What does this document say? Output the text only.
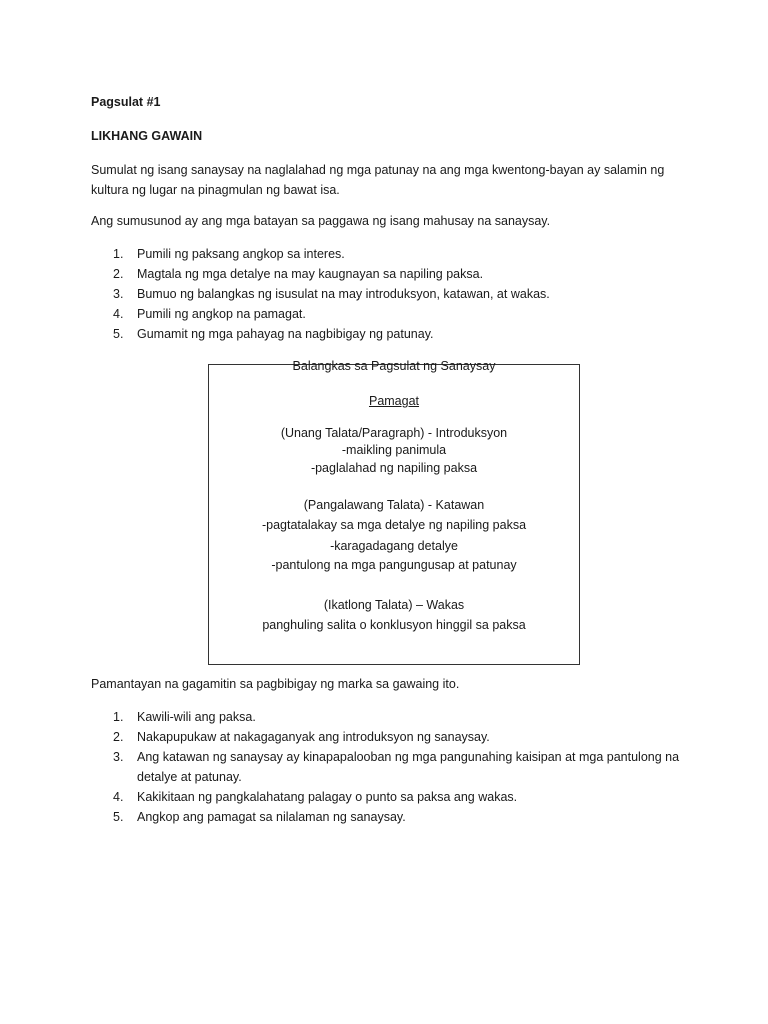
Pagsulat #1

LIKHANG GAWAIN

Sumulat ng isang sanaysay na naglalahad ng mga patunay na ang mga kwentong-bayan ay salamin ng
kultura ng lugar na pinagmulan ng bawat isa.

Ang sumusunod ay ang mga batayan sa paggawa ng isang mahusay na sanaysay.

1. Pumili ng paksang angkop sa interes.
2. Magtala ng mga detalye na may kaugnayan sa napiling paksa.
3. Bumuo ng balangkas ng isusulat na may introduksyon, katawan, at wakas.
4. Pumili ng angkop na pamagat.
5. Gumamit ng mga pahayag na nagbibigay ng patunay.
Balangkas sa Pagsulat ng Sanaysay
Pamagat
(Unang Talata/Paragraph) - Introduksyon
-maikling panimula
-paglalahad ng napiling paksa
(Pangalawang Talata) - Katawan
-pagtatalakay sa mga detalye ng napiling paksa
-karagadagang detalye
-pantulong na mga pangungusap at patunay
(Ikatlong Talata) – Wakas
panghuling salita o konklusyon hinggil sa paksa

Pamantayan na gagamitin sa pagbibigay ng marka sa gawaing ito.

1. Kawili-wili ang paksa.
2. Nakapupukaw at nakagaganyak ang introduksyon ng sanaysay.
3. Ang katawan ng sanaysay ay kinapapalooban ng mga pangunahing kaisipan at mga pantulong na detalye at patunay.
4. Kakikitaan ng pangkalahatang palagay o punto sa paksa ang wakas.
5. Angkop ang pamagat sa nilalaman ng sanaysay.
